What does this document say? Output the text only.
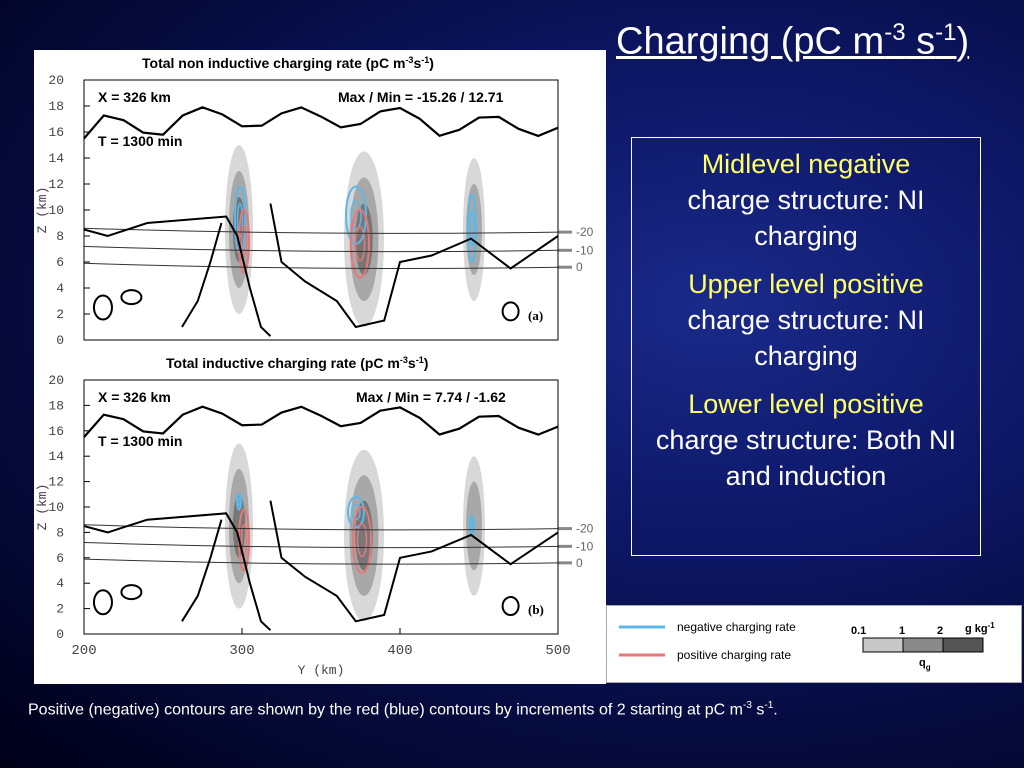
Charging (pC $m^{-3}$ $s^{-1}$)
Total non inductive charging rate (pC $m^{-3}s^{-1}$)
-20
-10
0
0
2
4
6
8
10
12
14
16
18
20
Z (km)
X = 326 km
T = 1300 min
Max / Min = -15.26 / 12.71
(a)
Total inductive charging rate (pC $m^{-3}s^{-1}$)
-20
-10
0
0
2
4
6
8
10
12
14
16
18
20
Z (km)
X = 326 km
T = 1300 min
Max / Min = 7.74 / -1.62
(b)
200	300	400	500
Y (km)

Midlevel negative
charge structure: NI charging

Upper level positive
charge structure: NI charging

Lower level positive
charge structure: Both NI and induction

negative charging rate
positive charging rate
0.1	1	2 g $kg^{-1}$
$q_g$
Positive (negative) contours are shown by the red (blue) contours by increments of 2 starting at pC $m^{-3}$ $s^{-1}$.
